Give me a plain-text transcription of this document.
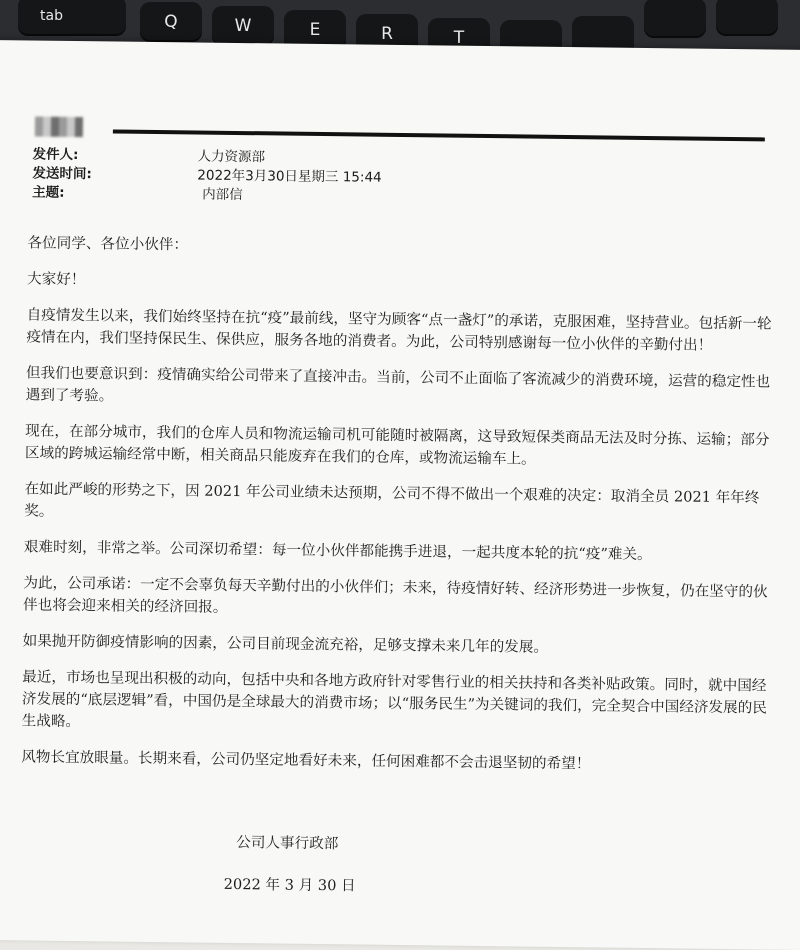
tab	Q	W	E	R	T
发件人:	人力资源部
发送时间:	2022年3月30日星期三 15:44
主题:	内部信

各位同学、各位小伙伴：

大家好！

自疫情发生以来，我们始终坚持在抗“疫”最前线，坚守为顾客“点一盏灯”的承诺，克服困难，坚持营业。包括新一轮疫情在内，我们坚持保民生、保供应，服务各地的消费者。为此，公司特别感谢每一位小伙伴的辛勤付出！

但我们也要意识到：疫情确实给公司带来了直接冲击。当前，公司不止面临了客流减少的消费环境，运营的稳定性也遇到了考验。

现在，在部分城市，我们的仓库人员和物流运输司机可能随时被隔离，这导致短保类商品无法及时分拣、运输；部分区域的跨城运输经常中断，相关商品只能废弃在我们的仓库，或物流运输车上。

在如此严峻的形势之下，因 2021 年公司业绩未达预期，公司不得不做出一个艰难的决定：取消全员 2021 年年终奖。

艰难时刻，非常之举。公司深切希望：每一位小伙伴都能携手进退，一起共度本轮的抗“疫”难关。

为此，公司承诺：一定不会辜负每天辛勤付出的小伙伴们；未来，待疫情好转、经济形势进一步恢复，仍在坚守的伙伴也将会迎来相关的经济回报。

如果抛开防御疫情影响的因素，公司目前现金流充裕，足够支撑未来几年的发展。

最近，市场也呈现出积极的动向，包括中央和各地方政府针对零售行业的相关扶持和各类补贴政策。同时，就中国经济发展的“底层逻辑”看，中国仍是全球最大的消费市场；以“服务民生”为关键词的我们，完全契合中国经济发展的民生战略。

风物长宜放眼量。长期来看，公司仍坚定地看好未来，任何困难都不会击退坚韧的希望！

公司人事行政部
2022 年 3 月 30 日
